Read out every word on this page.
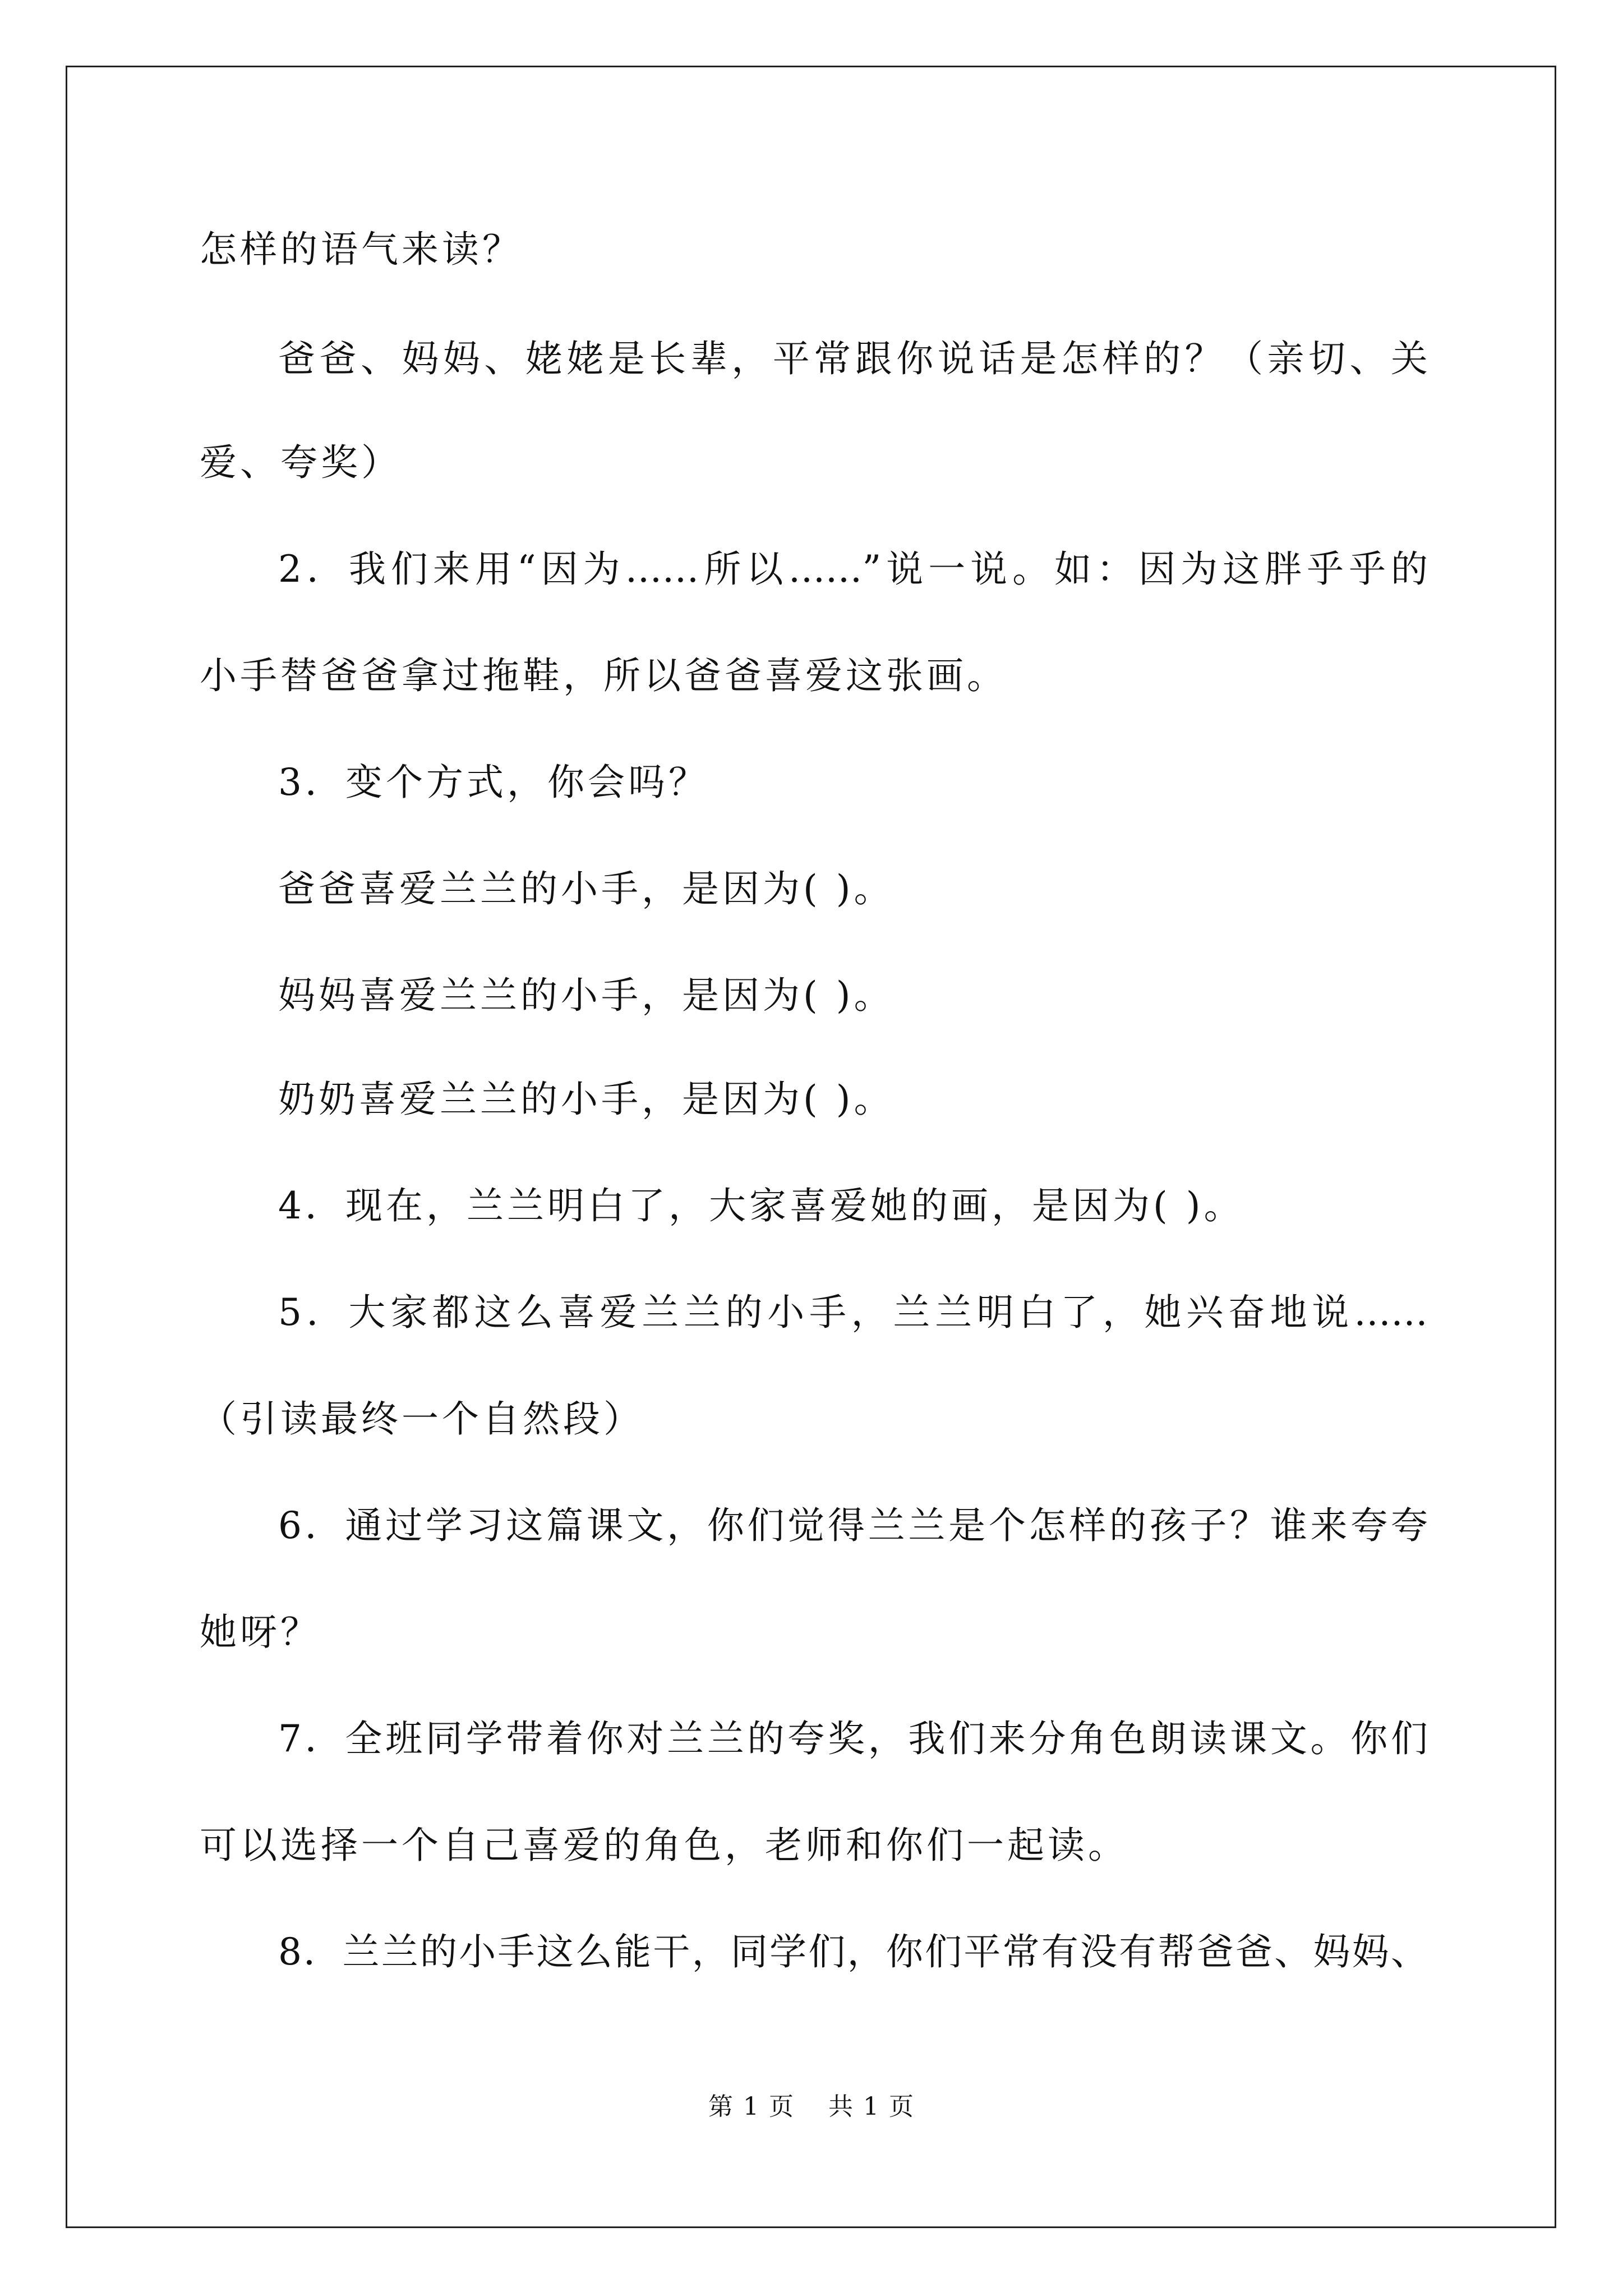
怎样的语气来读？
爸爸、妈妈、姥姥是长辈，平常跟你说话是怎样的？（亲切、关
爱、夸奖）
2．我们来用“因为……所以……”说一说。如：因为这胖乎乎的
小手替爸爸拿过拖鞋，所以爸爸喜爱这张画。
3．变个方式，你会吗？
爸爸喜爱兰兰的小手，是因为( )。
妈妈喜爱兰兰的小手，是因为( )。
奶奶喜爱兰兰的小手，是因为( )。
4．现在，兰兰明白了，大家喜爱她的画，是因为( )。
5．大家都这么喜爱兰兰的小手，兰兰明白了，她兴奋地说……
（引读最终一个自然段）
6．通过学习这篇课文，你们觉得兰兰是个怎样的孩子？谁来夸夸
她呀？
7．全班同学带着你对兰兰的夸奖，我们来分角色朗读课文。你们
可以选择一个自己喜爱的角色，老师和你们一起读。
8．兰兰的小手这么能干，同学们，你们平常有没有帮爸爸、妈妈、
第 1 页 共 1 页
